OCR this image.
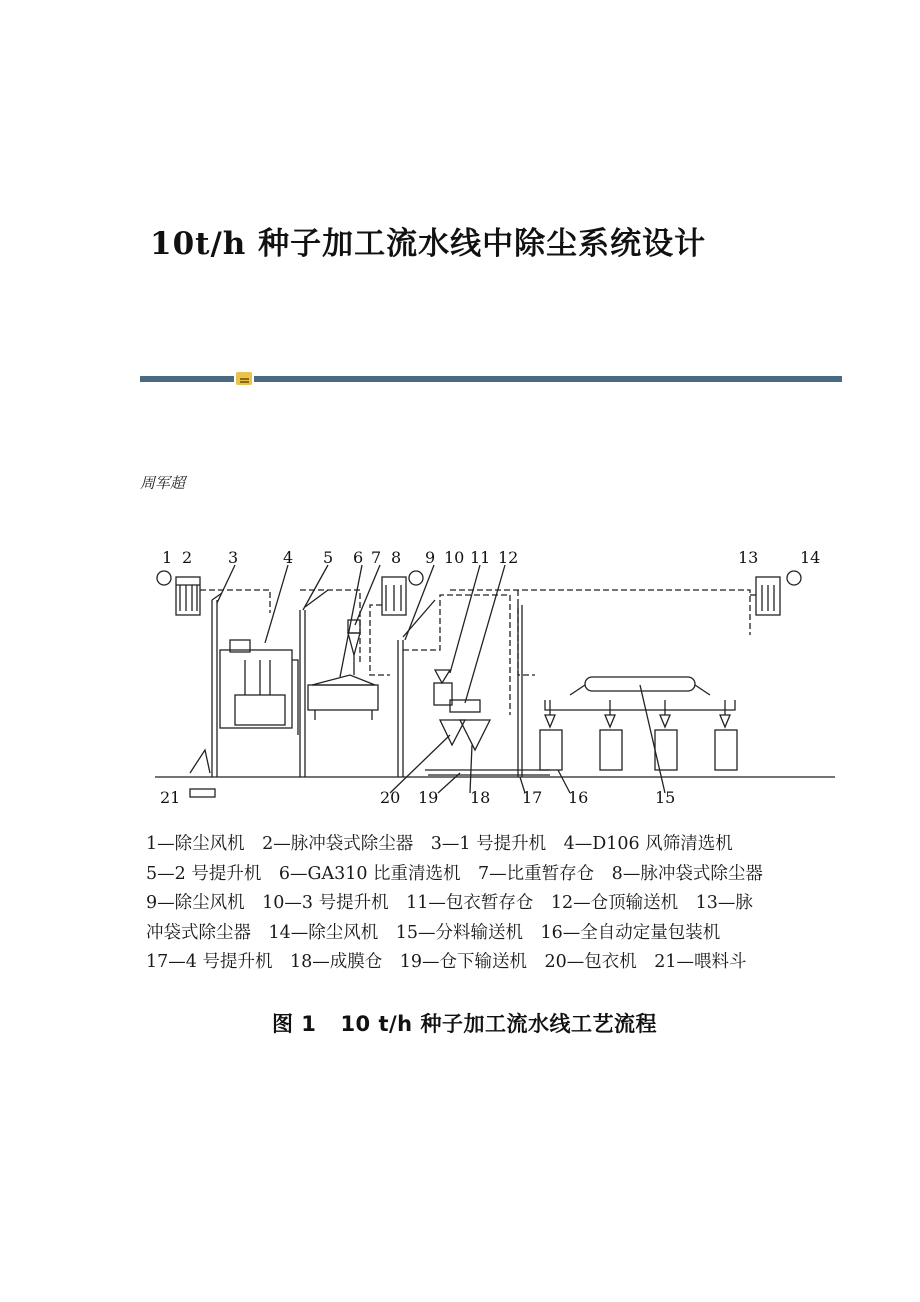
10t/h 种子加工流水线中除尘系统设计
周军超
1 2 3	4 5 6 7 8 9 10 11 12	13	14
21	20 19 18 17 16	15
1—除尘风机　2—脉冲袋式除尘器　3—1 号提升机　4—D106 风筛清选机
5—2 号提升机　6—GA310 比重清选机　7—比重暂存仓　8—脉冲袋式除尘器
9—除尘风机　10—3 号提升机　11—包衣暂存仓　12—仓顶输送机　13—脉
冲袋式除尘器　14—除尘风机　15—分料输送机　16—全自动定量包装机
17—4 号提升机　18—成膜仓　19—仓下输送机　20—包衣机　21—喂料斗
图 1 10 t/h 种子加工流水线工艺流程
